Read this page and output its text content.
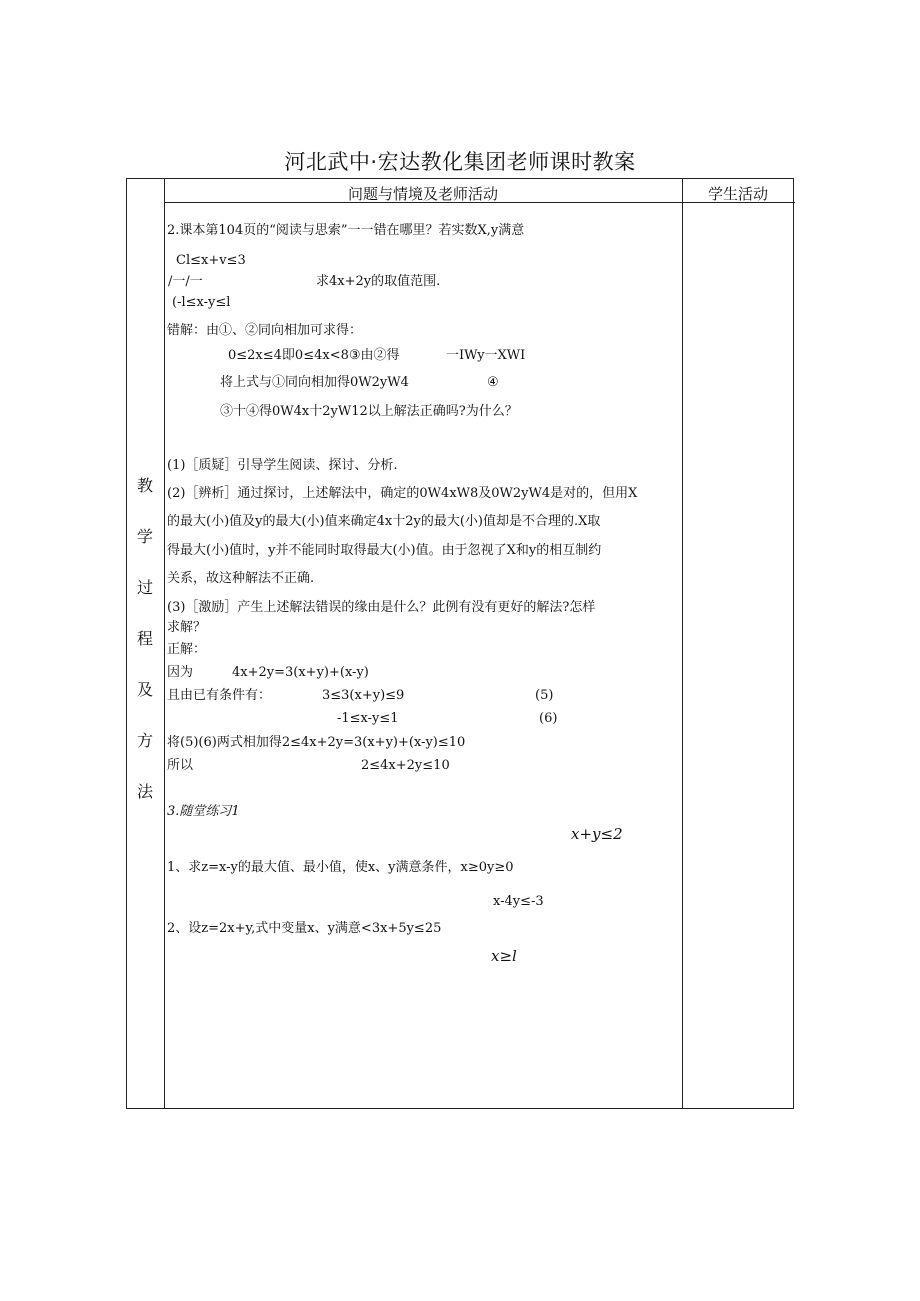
河北武中·宏达教化集团老师课时教案
问题与情境及老师活动	学生活动
教
学
过
程
及
方
法
2.课本第104页的“阅读与思索”一一错在哪里？若实数X,y满意
Cl≤x+v≤3
/一/一	求4x+2y的取值范围.
(-l≤x-y≤l
错解：由①、②同向相加可求得：
0≤2x≤4即0≤4x<8③由②得	一IWy一XWI
将上式与①同向相加得0W2yW4	④
③十④得0W4x十2yW12以上解法正确吗?为什么？
(1)［质疑］引导学生阅读、探讨、分析.
(2)［辨析］通过探讨，上述解法中，确定的0W4xW8及0W2yW4是对的，但用X
的最大(小)值及y的最大(小)值来确定4x十2y的最大(小)值却是不合理的.X取
得最大(小)值时，y并不能同时取得最大(小)值。由于忽视了X和y的相互制约
关系，故这种解法不正确.
(3)［激励］产生上述解法错误的缘由是什么？此例有没有更好的解法?怎样
求解？
正解：
因为	4x+2y=3(x+y)+(x-y)
且由已有条件有：	3≤3(x+y)≤9	(5)
-1≤x-y≤1	(6)
将(5)(6)两式相加得2≤4x+2y=3(x+y)+(x-y)≤10
所以	2≤4x+2y≤10
3.随堂练习1
x+y≤2
1、求z=x-y的最大值、最小值，使x、y满意条件，x≥0y≥0
x-4y≤-3
2、设z=2x+y,式中变量x、y满意<3x+5y≤25
x≥l
